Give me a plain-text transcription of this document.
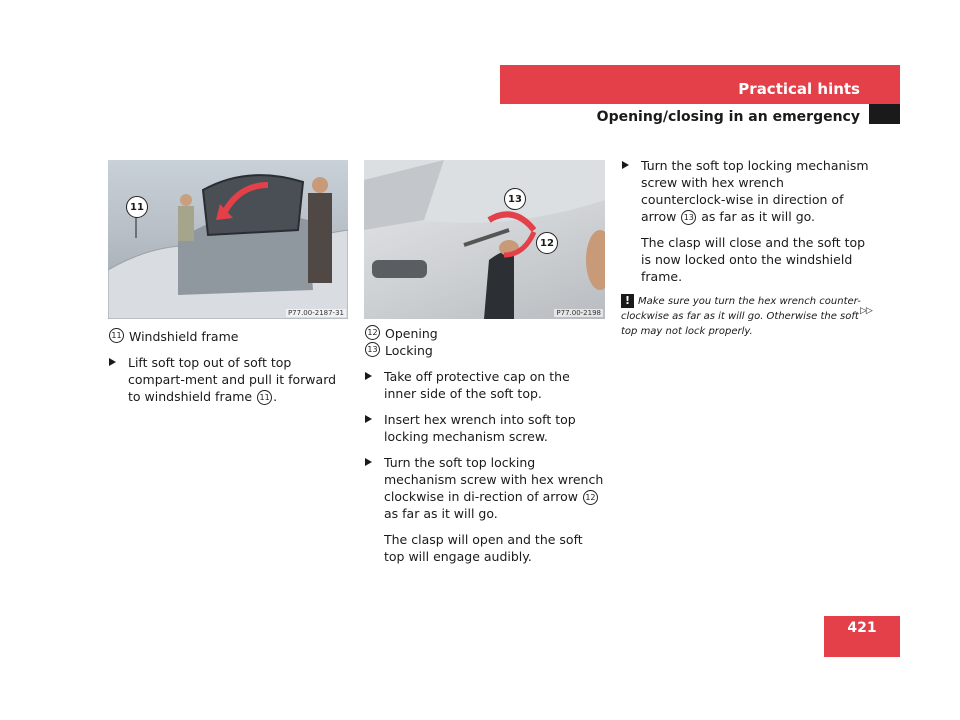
Practical hints
Opening/closing in an emergency
11
P77.00-2187-31
13
12
P77.00-2198
11 Windshield frame
Lift soft top out of soft top compart-ment and pull it forward to windshield frame 11 .
12 Opening
13 Locking
Take off protective cap on the inner side of the soft top.
Insert hex wrench into soft top locking mechanism screw.
Turn the soft top locking mechanism screw with hex wrench clockwise in di-rection of arrow 12 as far as it will go.
The clasp will open and the soft top will engage audibly.
Turn the soft top locking mechanism screw with hex wrench counterclock-wise in direction of arrow 13 as far as it will go.
The clasp will close and the soft top is now locked onto the windshield frame.
! Make sure you turn the hex wrench counter-clockwise as far as it will go. Otherwise the soft top may not lock properly.
▷▷
421
